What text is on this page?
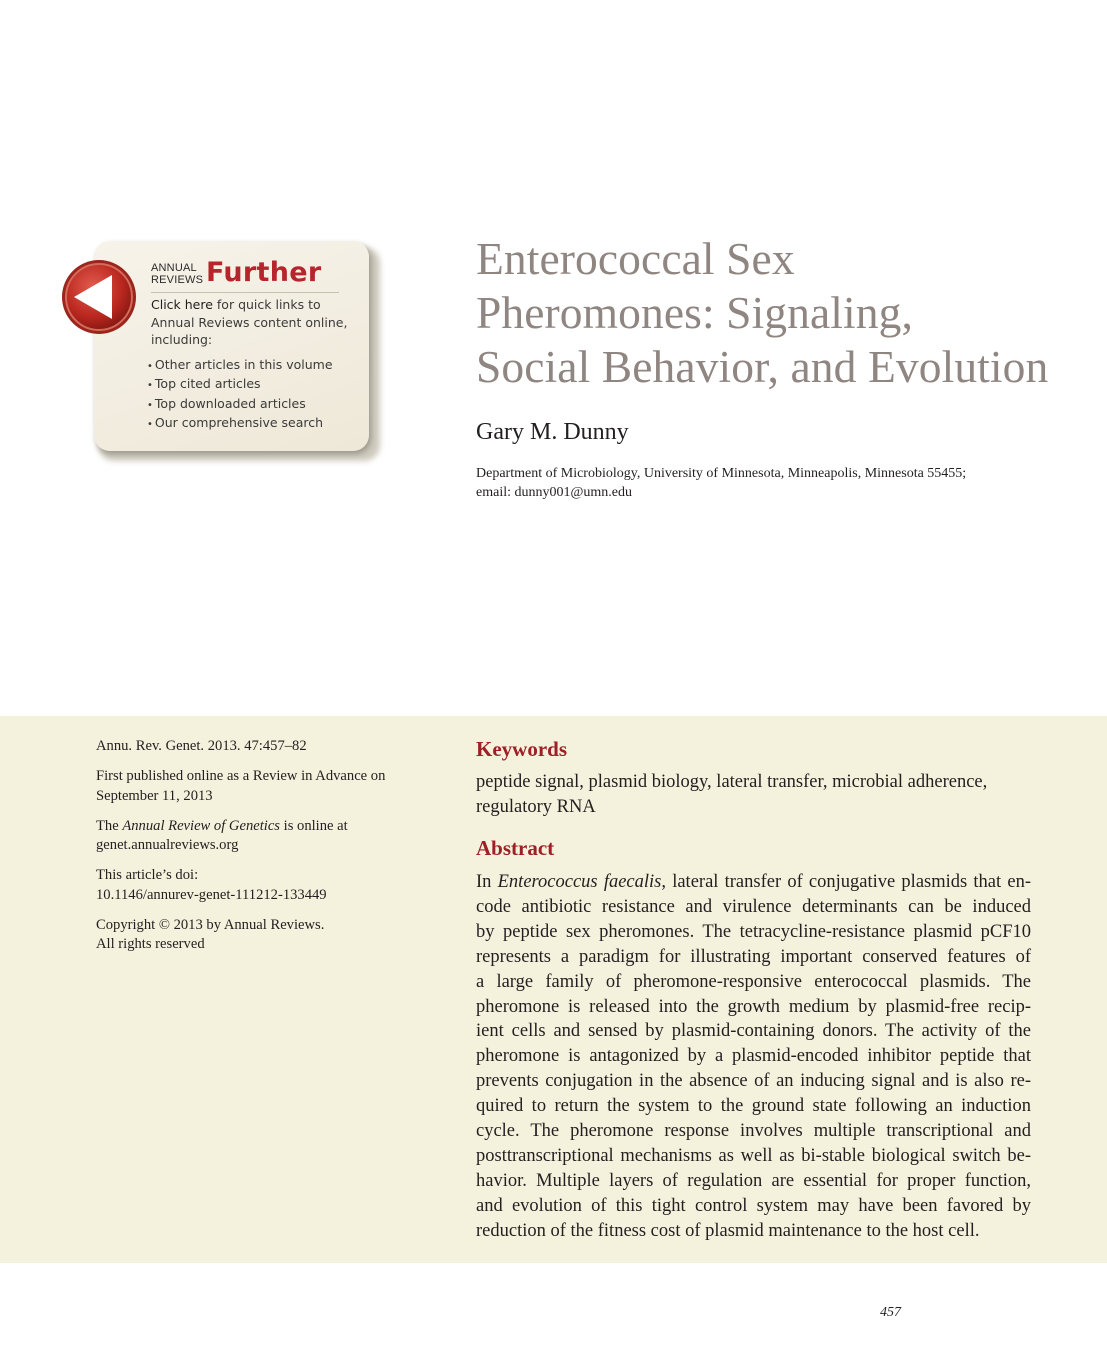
ANNUAL
REVIEWS Further
Click here for quick links to Annual Reviews content online, including:
• Other articles in this volume
• Top cited articles
• Top downloaded articles
• Our comprehensive search
Enterococcal Sex
Pheromones: Signaling,
Social Behavior, and Evolution
Gary M. Dunny
Department of Microbiology, University of Minnesota, Minneapolis, Minnesota 55455;
email: dunny001@umn.edu

Annu. Rev. Genet. 2013. 47:457–82

First published online as a Review in Advance on September 11, 2013

The Annual Review of Genetics is online at genet.annualreviews.org

This article’s doi:
10.1146/annurev-genet-111212-133449

Copyright © 2013 by Annual Reviews.
All rights reserved

Keywords
peptide signal, plasmid biology, lateral transfer, microbial adherence, regulatory RNA
Abstract
In Enterococcus faecalis, lateral transfer of conjugative plasmids that en-
code antibiotic resistance and virulence determinants can be induced
by peptide sex pheromones. The tetracycline-resistance plasmid pCF10
represents a paradigm for illustrating important conserved features of
a large family of pheromone-responsive enterococcal plasmids. The
pheromone is released into the growth medium by plasmid-free recip-
ient cells and sensed by plasmid-containing donors. The activity of the
pheromone is antagonized by a plasmid-encoded inhibitor peptide that
prevents conjugation in the absence of an inducing signal and is also re-
quired to return the system to the ground state following an induction
cycle. The pheromone response involves multiple transcriptional and
posttranscriptional mechanisms as well as bi-stable biological switch be-
havior. Multiple layers of regulation are essential for proper function,
and evolution of this tight control system may have been favored by
reduction of the fitness cost of plasmid maintenance to the host cell.
457
